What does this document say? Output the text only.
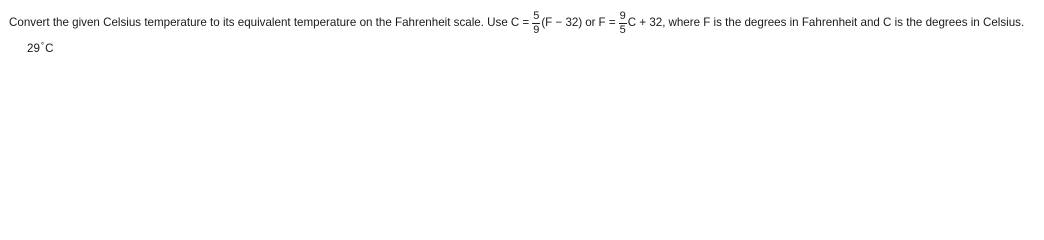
Convert the given Celsius temperature to its equivalent temperature on the Fahrenheit scale. Use $C = \frac{5}{9} (F - 32)$ or $F = \frac{9}{5}$ C + 32, where F is the degrees in Fahrenheit and C is the degrees in Celsius.
29°C
